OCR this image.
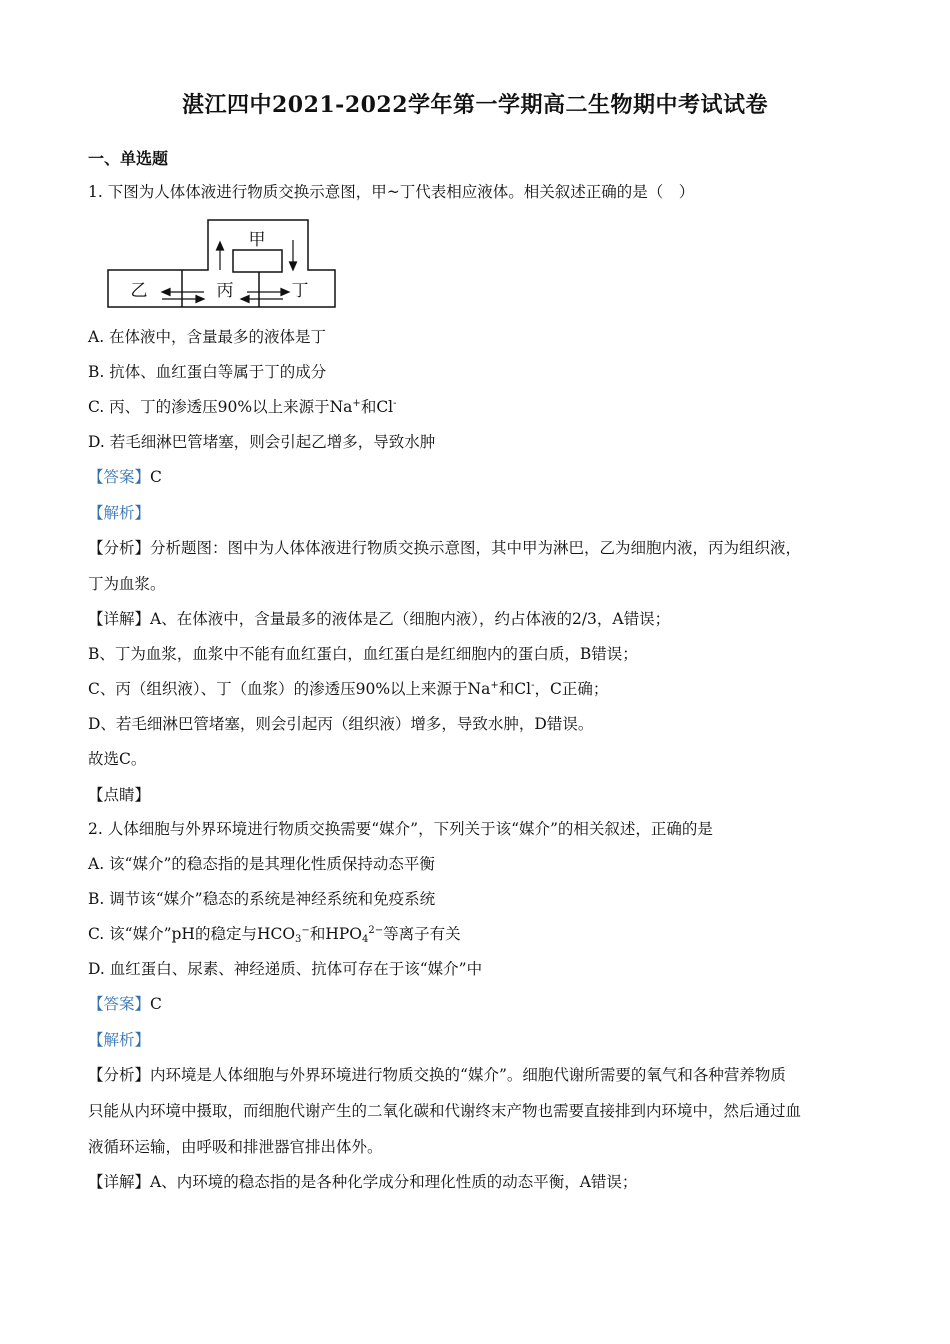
湛江四中2021-2022学年第一学期高二生物期中考试试卷
一、单选题
1. 下图为人体体液进行物质交换示意图，甲~丁代表相应液体。相关叙述正确的是（　）
甲
乙	丙	丁
A. 在体液中，含量最多的液体是丁
B. 抗体、血红蛋白等属于丁的成分
C. 丙、丁的渗透压90%以上来源于Na+和Cl-
D. 若毛细淋巴管堵塞，则会引起乙增多，导致水肿
【答案】C
【解析】
【分析】分析题图：图中为人体体液进行物质交换示意图，其中甲为淋巴，乙为细胞内液，丙为组织液，
丁为血浆。
【详解】A、在体液中，含量最多的液体是乙（细胞内液），约占体液的2/3，A错误；
B、丁为血浆，血浆中不能有血红蛋白，血红蛋白是红细胞内的蛋白质，B错误；
C、丙（组织液）、丁（血浆）的渗透压90%以上来源于Na+和Cl-，C正确；
D、若毛细淋巴管堵塞，则会引起丙（组织液）增多，导致水肿，D错误。
故选C。
【点睛】
2. 人体细胞与外界环境进行物质交换需要“媒介”，下列关于该“媒介”的相关叙述，正确的是
A. 该“媒介”的稳态指的是其理化性质保持动态平衡
B. 调节该“媒介”稳态的系统是神经系统和免疫系统
C. 该“媒介”pH的稳定与$HCO_3^-$和$HPO_4^{2-}$等离子有关
D. 血红蛋白、尿素、神经递质、抗体可存在于该“媒介”中
【答案】C
【解析】
【分析】内环境是人体细胞与外界环境进行物质交换的“媒介”。细胞代谢所需要的氧气和各种营养物质
只能从内环境中摄取，而细胞代谢产生的二氧化碳和代谢终末产物也需要直接排到内环境中，然后通过血
液循环运输，由呼吸和排泄器官排出体外。
【详解】A、内环境的稳态指的是各种化学成分和理化性质的动态平衡，A错误；
